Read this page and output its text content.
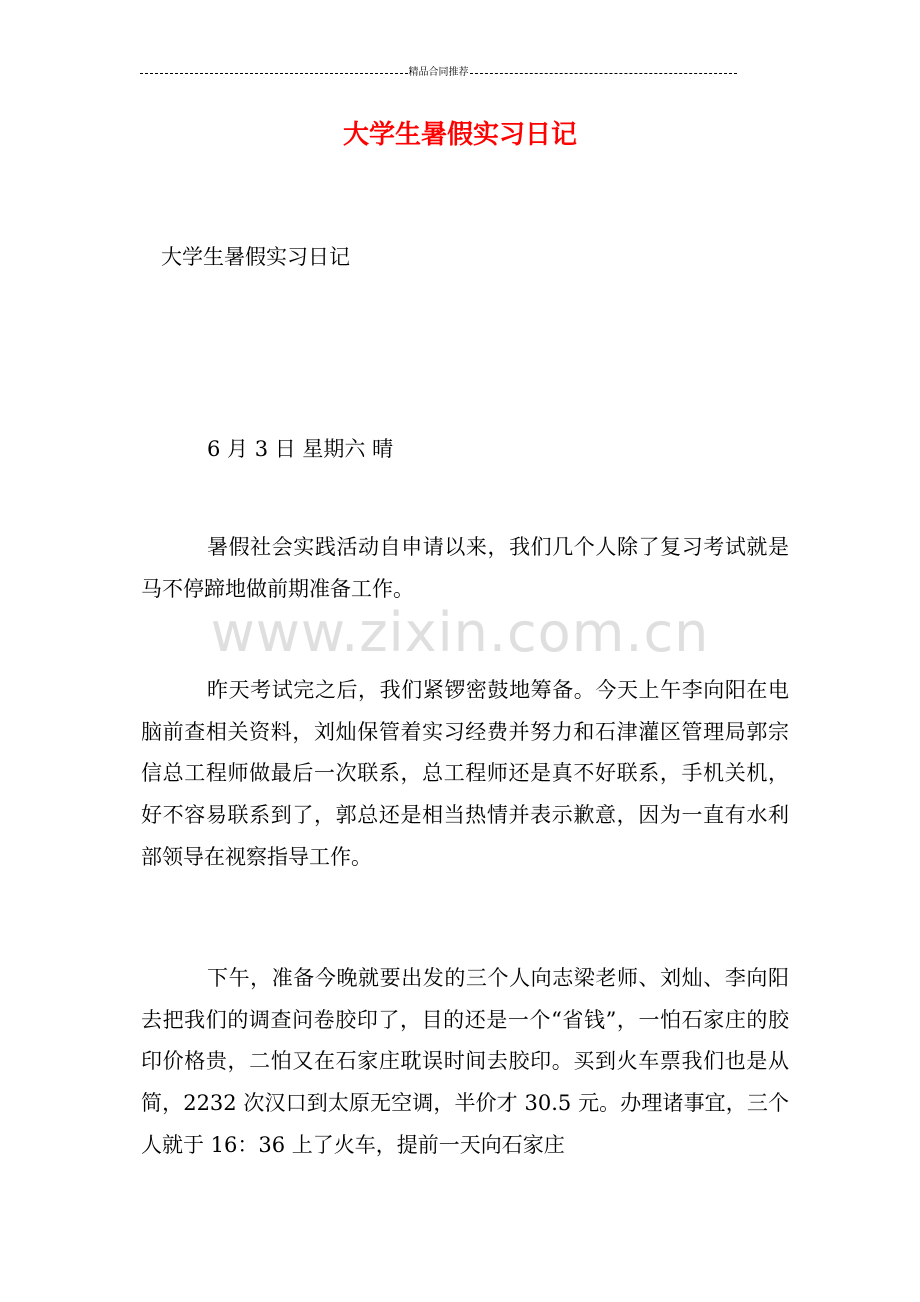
精品合同推荐
大学生暑假实习日记

大学生暑假实习日记

6 月 3 日 星期六 晴

暑假社会实践活动自申请以来，我们几个人除了复习考试就是马不停蹄地做前期准备工作。

昨天考试完之后，我们紧锣密鼓地筹备。今天上午李向阳在电脑前查相关资料，刘灿保管着实习经费并努力和石津灌区管理局郭宗信总工程师做最后一次联系，总工程师还是真不好联系，手机关机，好不容易联系到了，郭总还是相当热情并表示歉意，因为一直有水利部领导在视察指导工作。

下午，准备今晚就要出发的三个人向志梁老师、刘灿、李向阳去把我们的调查问卷胶印了，目的还是一个“省钱”，一怕石家庄的胶印价格贵，二怕又在石家庄耽误时间去胶印。买到火车票我们也是从简，2232 次汉口到太原无空调，半价才 30.5 元。办理诸事宜，三个人就于 16：36 上了火车，提前一天向石家庄

www.zixin.com.cn
